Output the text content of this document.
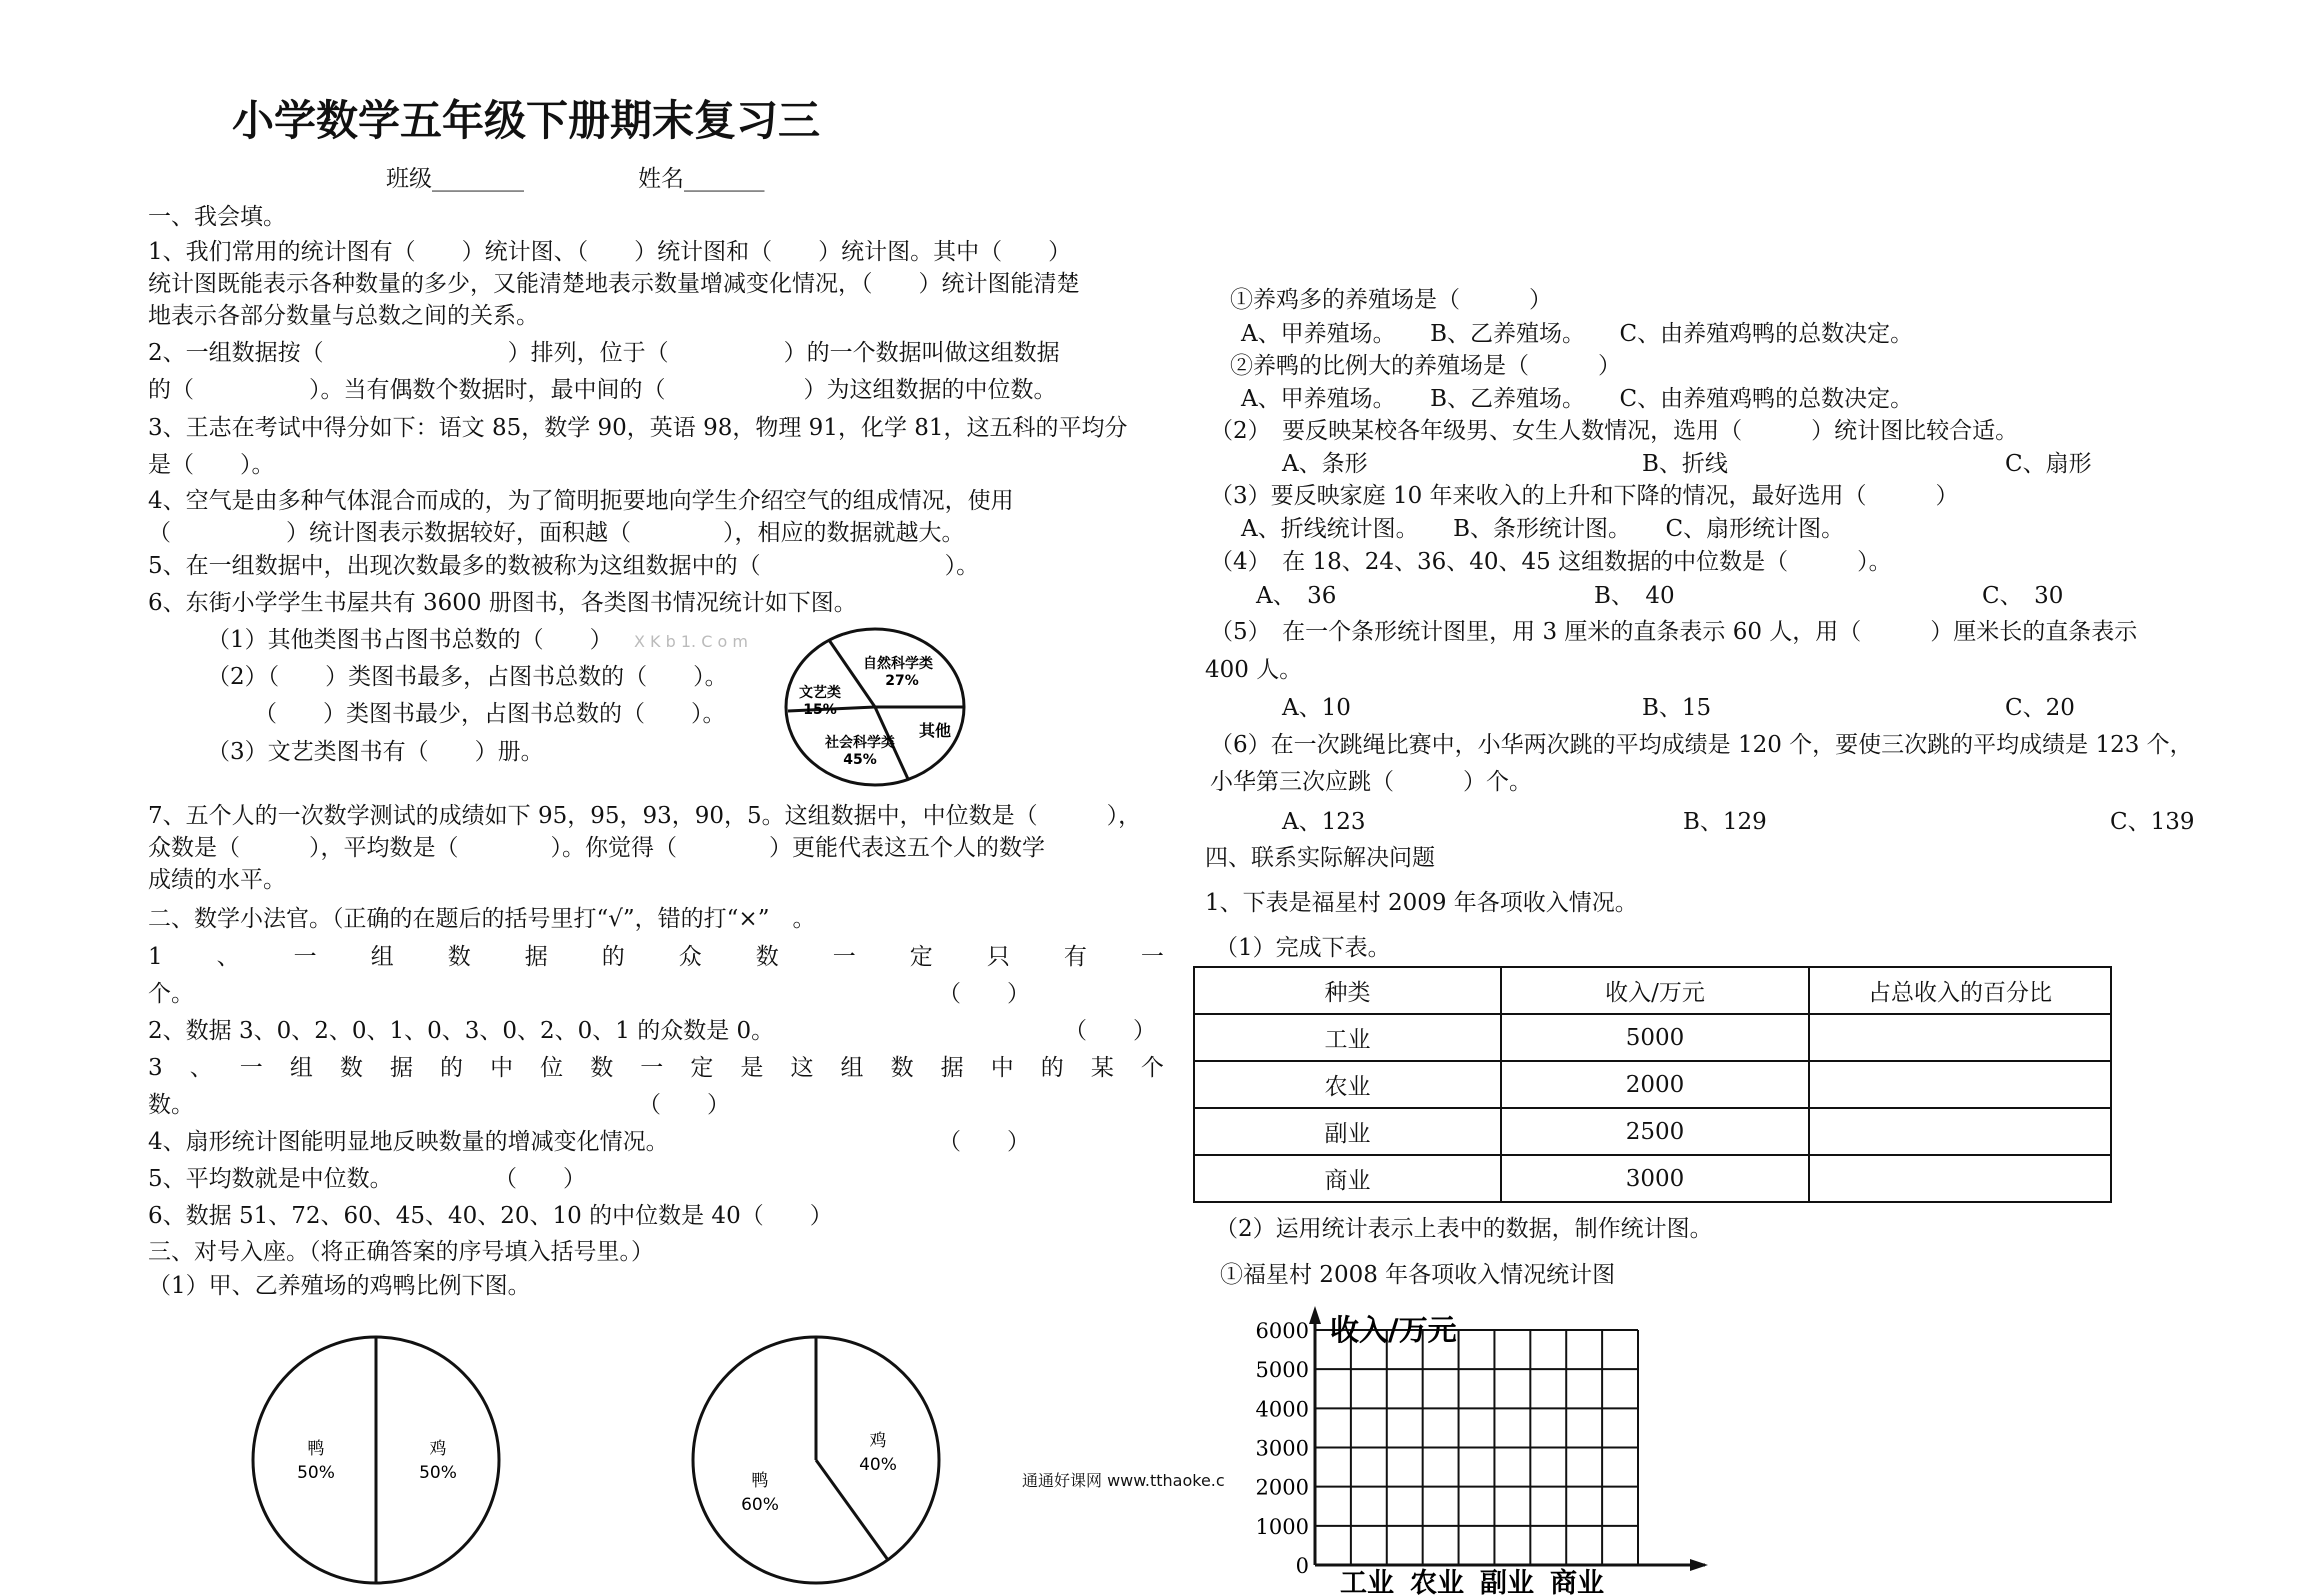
小学数学五年级下册期末复习三
班级________	姓名_______
一、我会填。
1、我们常用的统计图有（　　）统计图、（　　）统计图和（　　）统计图。其中（　　）
统计图既能表示各种数量的多少，又能清楚地表示数量增减变化情况，（　　）统计图能清楚
地表示各部分数量与总数之间的关系。
2、一组数据按（　　　　　　　　）排列，位于（　　　　　）的一个数据叫做这组数据
的（　　　　　）。当有偶数个数据时，最中间的（　　　　　　）为这组数据的中位数。
3、王志在考试中得分如下：语文 85，数学 90，英语 98，物理 91，化学 81，这五科的平均分
是（　　）。
4、空气是由多种气体混合而成的，为了简明扼要地向学生介绍空气的组成情况，使用
（　　　　　）统计图表示数据较好，面积越（　　　　），相应的数据就越大。
5、在一组数据中，出现次数最多的数被称为这组数据中的（　　　　　　　　）。
6、东街小学学生书屋共有 3600 册图书，各类图书情况统计如下图。
（1）其他类图书占图书总数的（　　） X K b 1. C o m
（2）（　　）类图书最多，占图书总数的（　　）。
（　　）类图书最少，占图书总数的（　　）。
（3）文艺类图书有（　　）册。
自然科学类
27%
文艺类
15%
社会科学类
45%
其他
7、五个人的一次数学测试的成绩如下 95，95，93，90，5。这组数据中，中位数是（　　　），
众数是（　　　），平均数是（　　　　）。你觉得（　　　　）更能代表这五个人的数学
成绩的水平。
二、数学小法官。（正确的在题后的括号里打“√”，错的打“×”　。
1 、 一 组 数 据 的 众 数 一 定 只 有 一
个。	（　　）
2、数据 3、0、2、0、1、0、3、0、2、0、1 的众数是 0。	（　　）
3 、 一 组 数 据 的 中 位 数 一 定 是 这 组 数 据 中 的 某 个
数。	（　　）
4、扇形统计图能明显地反映数量的增减变化情况。	（　　）
5、平均数就是中位数。	（　　）
6、数据 51、72、60、45、40、20、10 的中位数是 40（　　）
三、对号入座。（将正确答案的序号填入括号里。）
（1）甲、乙养殖场的鸡鸭比例下图。
鸭
50%
鸡
50%	鸭
60%
鸡
40%
通通好课网 www.tthaoke.c
①养鸡多的养殖场是（　　　）
A、甲养殖场。　　B、乙养殖场。　　C、由养殖鸡鸭的总数决定。
②养鸭的比例大的养殖场是（　　　）
A、甲养殖场。　　B、乙养殖场。　　C、由养殖鸡鸭的总数决定。
（2）　要反映某校各年级男、女生人数情况，选用（　　　）统计图比较合适。
A、条形	B、折线	C、扇形
（3）要反映家庭 10 年来收入的上升和下降的情况，最好选用（　　　）
A、折线统计图。　　B、条形统计图。　　C、扇形统计图。
（4）　在 18、24、36、40、45 这组数据的中位数是（　　　）。
A、　36	B、　40	C、　30
（5）　在一个条形统计图里，用 3 厘米的直条表示 60 人，用（　　　）厘米长的直条表示
400 人。
A、10	B、15	C、20
（6）在一次跳绳比赛中，小华两次跳的平均成绩是 120 个，要使三次跳的平均成绩是 123 个，
小华第三次应跳（　　　）个。
A、123	B、129	C、139
四、联系实际解决问题
1、下表是福星村 2009 年各项收入情况。
（1）完成下表。
种类	收入/万元	占总收入的百分比
工业	5000	
农业	2000	
副业	2500	
商业	3000	
（2）运用统计表示上表中的数据，制作统计图。
①福星村 2008 年各项收入情况统计图
0
1000
2000
3000
4000
5000
6000
工业 农业 副业 商业
收入/万元
